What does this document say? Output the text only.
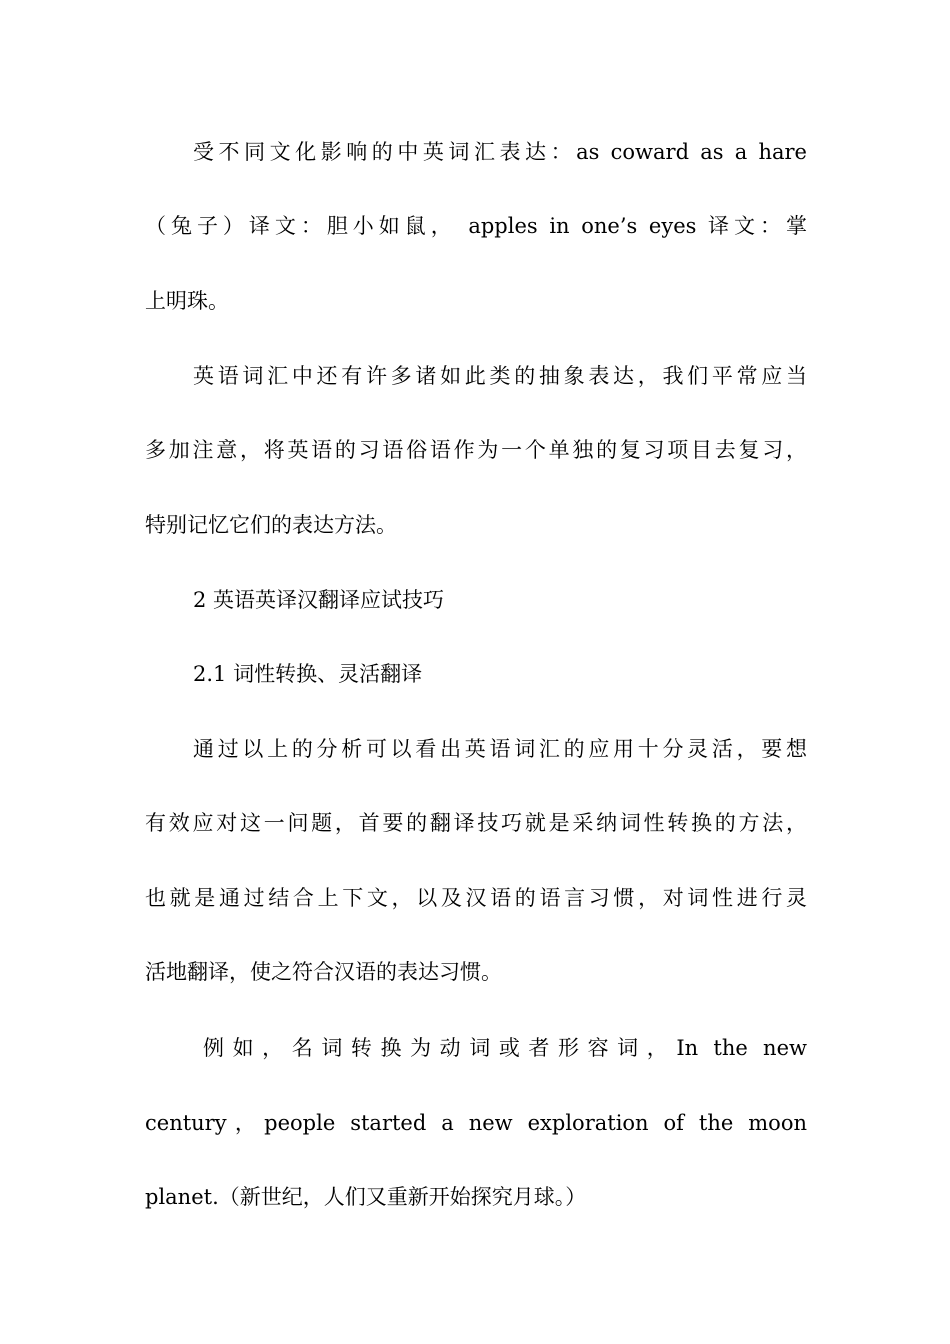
受不同文化影响的中英词汇表达：as coward as a hare

（兔子）译文：胆小如鼠， apples in one’s eyes 译文：掌

上明珠。

英语词汇中还有许多诸如此类的抽象表达，我们平常应当

多加注意，将英语的习语俗语作为一个单独的复习项目去复习，

特别记忆它们的表达方法。

2 英语英译汉翻译应试技巧

2.1 词性转换、灵活翻译

通过以上的分析可以看出英语词汇的应用十分灵活，要想

有效应对这一问题，首要的翻译技巧就是采纳词性转换的方法，

也就是通过结合上下文，以及汉语的语言习惯，对词性进行灵

活地翻译，使之符合汉语的表达习惯。

例如，名词转换为动词或者形容词，In the new

century，people started a new exploration of the moon

planet.（新世纪，人们又重新开始探究月球。）
